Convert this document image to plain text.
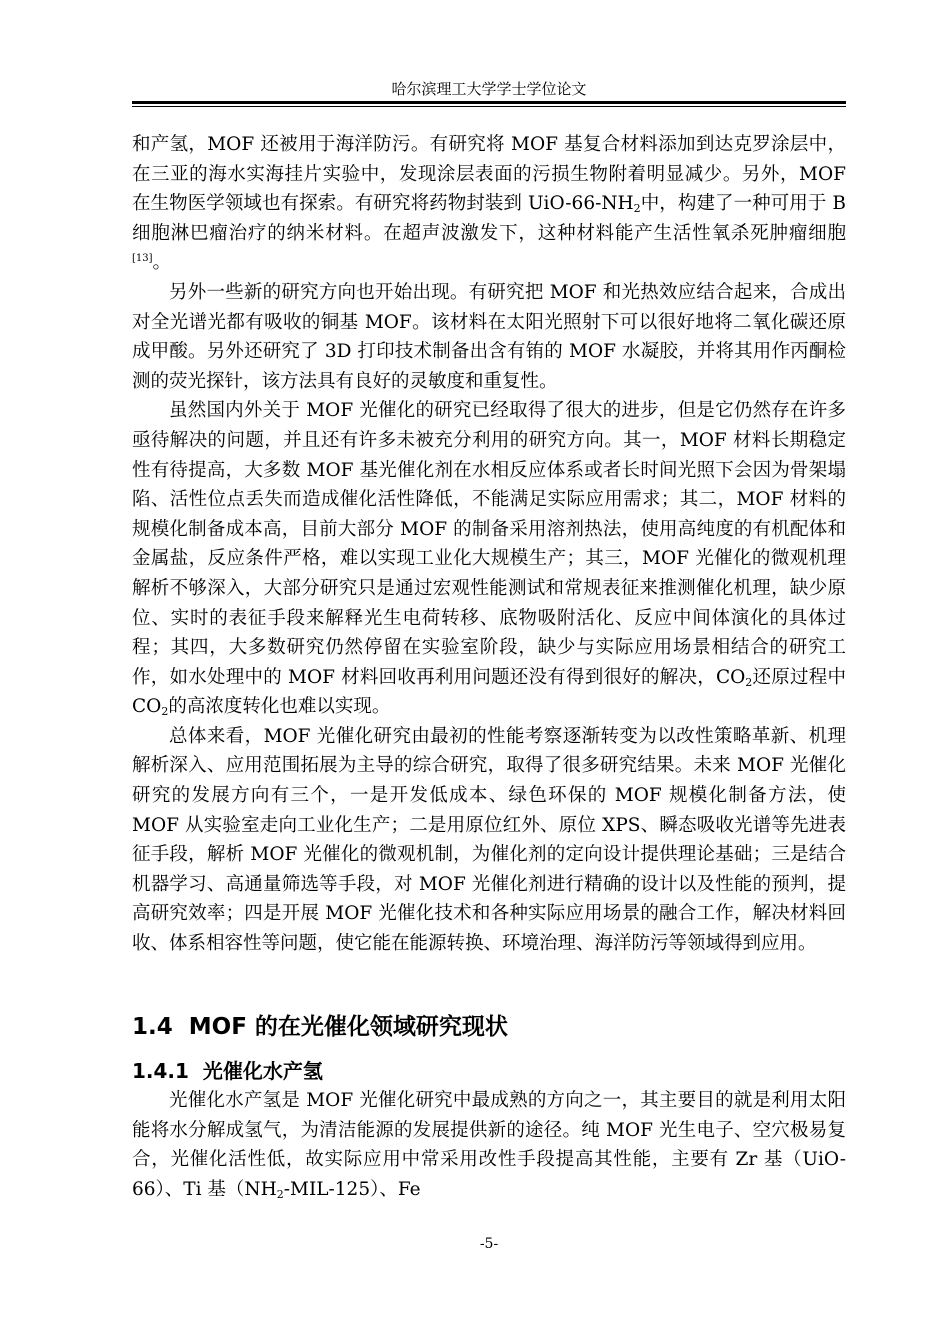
哈尔滨理工大学学士学位论文

和产氢，MOF 还被用于海洋防污。有研究将 MOF 基复合材料添加到达克罗涂层中，在三亚的海水实海挂片实验中，发现涂层表面的污损生物附着明显减少。另外，MOF 在生物医学领域也有探索。有研究将药物封装到 UiO-$66-NH_2$中，构建了一种可用于 B 细胞淋巴瘤治疗的纳米材料。在超声波激发下，这种材料能产生活性氧杀死肿瘤细胞[13]。

另外一些新的研究方向也开始出现。有研究把 MOF 和光热效应结合起来，合成出对全光谱光都有吸收的铜基 MOF。该材料在太阳光照射下可以很好地将二氧化碳还原成甲酸。另外还研究了 3D 打印技术制备出含有铕的 MOF 水凝胶，并将其用作丙酮检测的荧光探针，该方法具有良好的灵敏度和重复性。

虽然国内外关于 MOF 光催化的研究已经取得了很大的进步，但是它仍然存在许多亟待解决的问题，并且还有许多未被充分利用的研究方向。其一，MOF 材料长期稳定性有待提高，大多数 MOF 基光催化剂在水相反应体系或者长时间光照下会因为骨架塌陷、活性位点丢失而造成催化活性降低，不能满足实际应用需求；其二，MOF 材料的规模化制备成本高，目前大部分 MOF 的制备采用溶剂热法，使用高纯度的有机配体和金属盐，反应条件严格，难以实现工业化大规模生产；其三，MOF 光催化的微观机理解析不够深入，大部分研究只是通过宏观性能测试和常规表征来推测催化机理，缺少原位、实时的表征手段来解释光生电荷转移、底物吸附活化、反应中间体演化的具体过程；其四，大多数研究仍然停留在实验室阶段，缺少与实际应用场景相结合的研究工作，如水处理中的 MOF 材料回收再利用问题还没有得到很好的解决，$CO_2$还原过程中 $CO_2$的高浓度转化也难以实现。

总体来看，MOF 光催化研究由最初的性能考察逐渐转变为以改性策略革新、机理解析深入、应用范围拓展为主导的综合研究，取得了很多研究结果。未来 MOF 光催化研究的发展方向有三个，一是开发低成本、绿色环保的 MOF 规模化制备方法，使 MOF 从实验室走向工业化生产；二是用原位红外、原位 XPS、瞬态吸收光谱等先进表征手段，解析 MOF 光催化的微观机制，为催化剂的定向设计提供理论基础；三是结合机器学习、高通量筛选等手段，对 MOF 光催化剂进行精确的设计以及性能的预判，提高研究效率；四是开展 MOF 光催化技术和各种实际应用场景的融合工作，解决材料回收、体系相容性等问题，使它能在能源转换、环境治理、海洋防污等领域得到应用。

1.4 MOF 的在光催化领域研究现状
1.4.1 光催化水产氢

光催化水产氢是 MOF 光催化研究中最成熟的方向之一，其主要目的就是利用太阳能将水分解成氢气，为清洁能源的发展提供新的途径。纯 MOF 光生电子、空穴极易复合，光催化活性低，故实际应用中常采用改性手段提高其性能，主要有 Zr 基（UiO-66）、Ti 基$(NH_2-MIL-125)$、Fe

-5-
